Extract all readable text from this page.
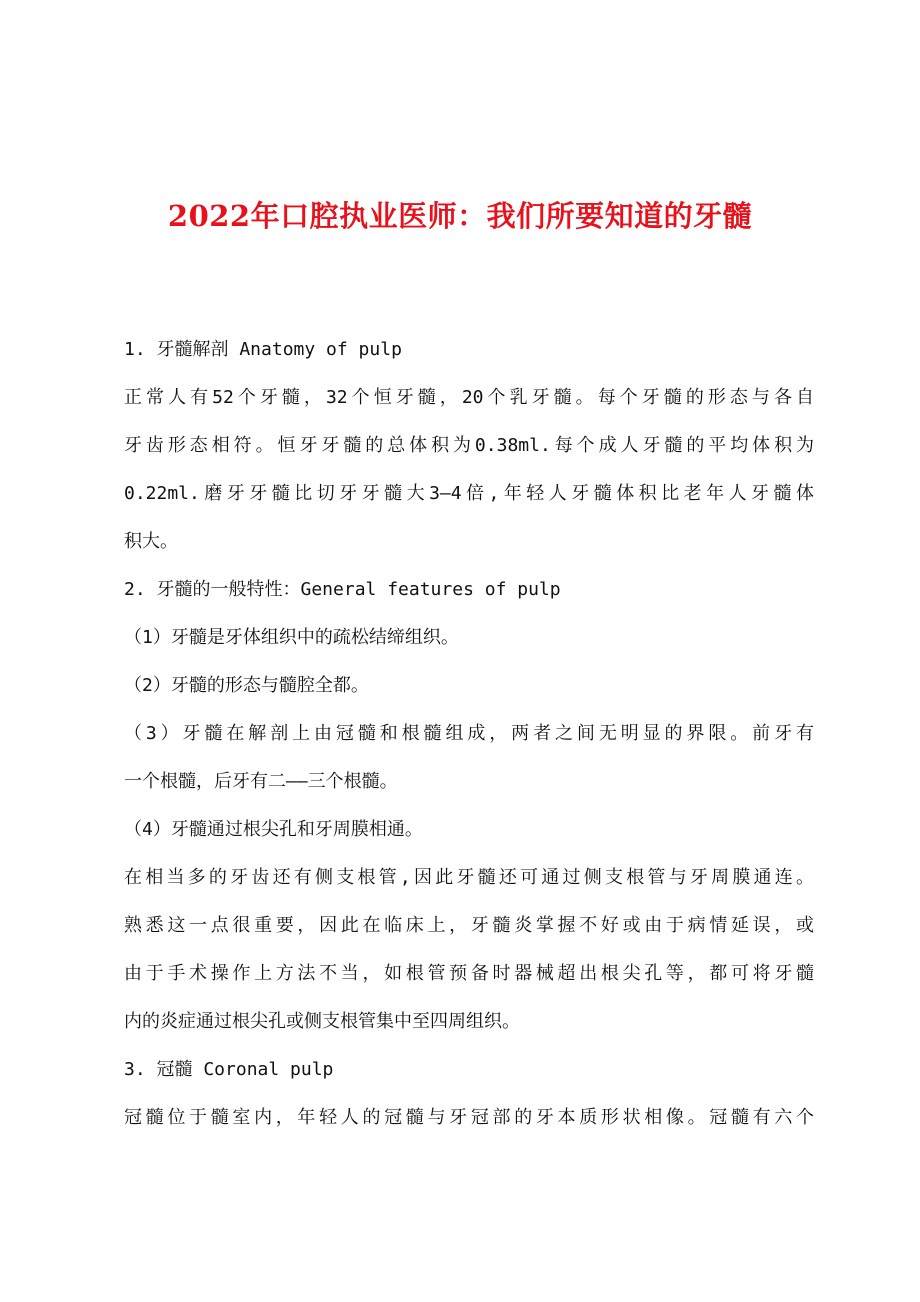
2022年口腔执业医师：我们所要知道的牙髓
1. 牙髓解剖 Anatomy of pulp
正常人有52个牙髓，32个恒牙髓，20个乳牙髓。每个牙髓的形态与各自
牙齿形态相符。恒牙牙髓的总体积为0.38ml.每个成人牙髓的平均体积为
0.22ml.磨牙牙髓比切牙牙髓大3—4倍,年轻人牙髓体积比老年人牙髓体
积大。
2. 牙髓的一般特性：General features of pulp
（1）牙髓是牙体组织中的疏松结缔组织。
（2）牙髓的形态与髓腔全都。
（3）牙髓在解剖上由冠髓和根髓组成，两者之间无明显的界限。前牙有
一个根髓，后牙有二——三个根髓。
（4）牙髓通过根尖孔和牙周膜相通。
在相当多的牙齿还有侧支根管,因此牙髓还可通过侧支根管与牙周膜通连。
熟悉这一点很重要，因此在临床上，牙髓炎掌握不好或由于病情延误，或
由于手术操作上方法不当，如根管预备时器械超出根尖孔等，都可将牙髓
内的炎症通过根尖孔或侧支根管集中至四周组织。
3. 冠髓 Coronal pulp
冠髓位于髓室内，年轻人的冠髓与牙冠部的牙本质形状相像。冠髓有六个
